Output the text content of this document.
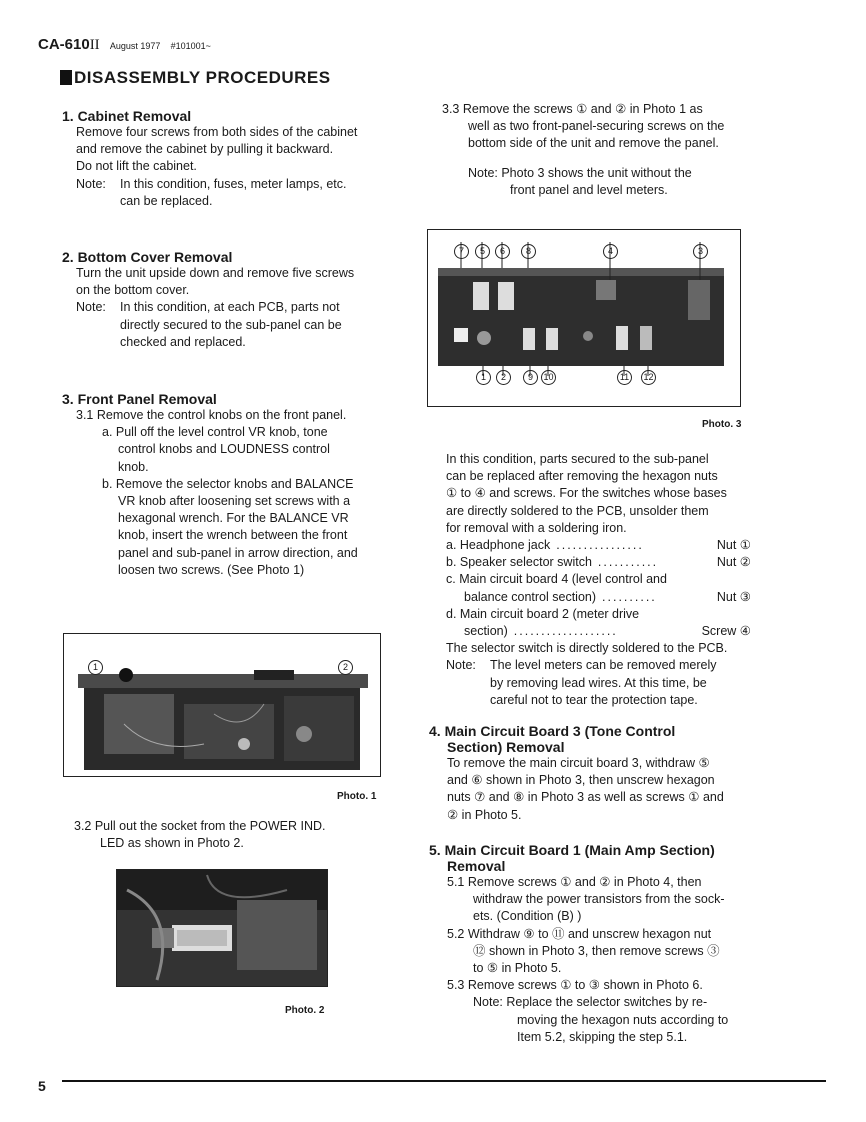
CA-610II August 1977 #101001~
DISASSEMBLY PROCEDURES
1. Cabinet Removal

Remove four screws from both sides of the cabinet

and remove the cabinet by pulling it backward.

Do not lift the cabinet.

Note:	In this condition, fuses, meter lamps, etc.

can be replaced.

2. Bottom Cover Removal

Turn the unit upside down and remove five screws

on the bottom cover.

Note:	In this condition, at each PCB, parts not

directly secured to the sub-panel can be

checked and replaced.

3. Front Panel Removal

3.1 Remove the control knobs on the front panel.

a. Pull off the level control VR knob, tone

control knobs and LOUDNESS control

knob.

b. Remove the selector knobs and BALANCE

VR knob after loosening set screws with a

hexagonal wrench. For the BALANCE VR

knob, insert the wrench between the front

panel and sub-panel in arrow direction, and

loosen two screws. (See Photo 1)

1	2
Photo. 1

3.2 Pull out the socket from the POWER IND.

LED as shown in Photo 2.

Photo. 2

3.3 Remove the screws ① and ② in Photo 1 as

well as two front-panel-securing screws on the

bottom side of the unit and remove the panel.

Note: Photo 3 shows the unit without the

front panel and level meters.

7	5	6	8	4	3
1	2	9	10	11	12
Photo. 3

In this condition, parts secured to the sub-panel

can be replaced after removing the hexagon nuts

① to ④ and screws. For the switches whose bases

are directly soldered to the PCB, unsolder them

for removal with a soldering iron.

a. Headphone jack ................	Nut ①
b. Speaker selector switch ...........	Nut ②
c. Main circuit board 4 (level control and
balance control section) ..........	Nut ③
d. Main circuit board 2 (meter drive
section) ...................	Screw ④

The selector switch is directly soldered to the PCB.

Note:	The level meters can be removed merely

by removing lead wires. At this time, be

careful not to tear the protection tape.

4. Main Circuit Board 3 (Tone Control
Section) Removal

To remove the main circuit board 3, withdraw ⑤

and ⑥ shown in Photo 3, then unscrew hexagon

nuts ⑦ and ⑧ in Photo 3 as well as screws ① and

② in Photo 5.

5. Main Circuit Board 1 (Main Amp Section)
Removal

5.1 Remove screws ① and ② in Photo 4, then

withdraw the power transistors from the sock-

ets. (Condition (B) )

5.2 Withdraw ⑨ to ⑪ and unscrew hexagon nut

⑫ shown in Photo 3, then remove screws ③

to ⑤ in Photo 5.

5.3 Remove screws ① to ③ shown in Photo 6.

Note: Replace the selector switches by re-

moving the hexagon nuts according to

Item 5.2, skipping the step 5.1.

5
